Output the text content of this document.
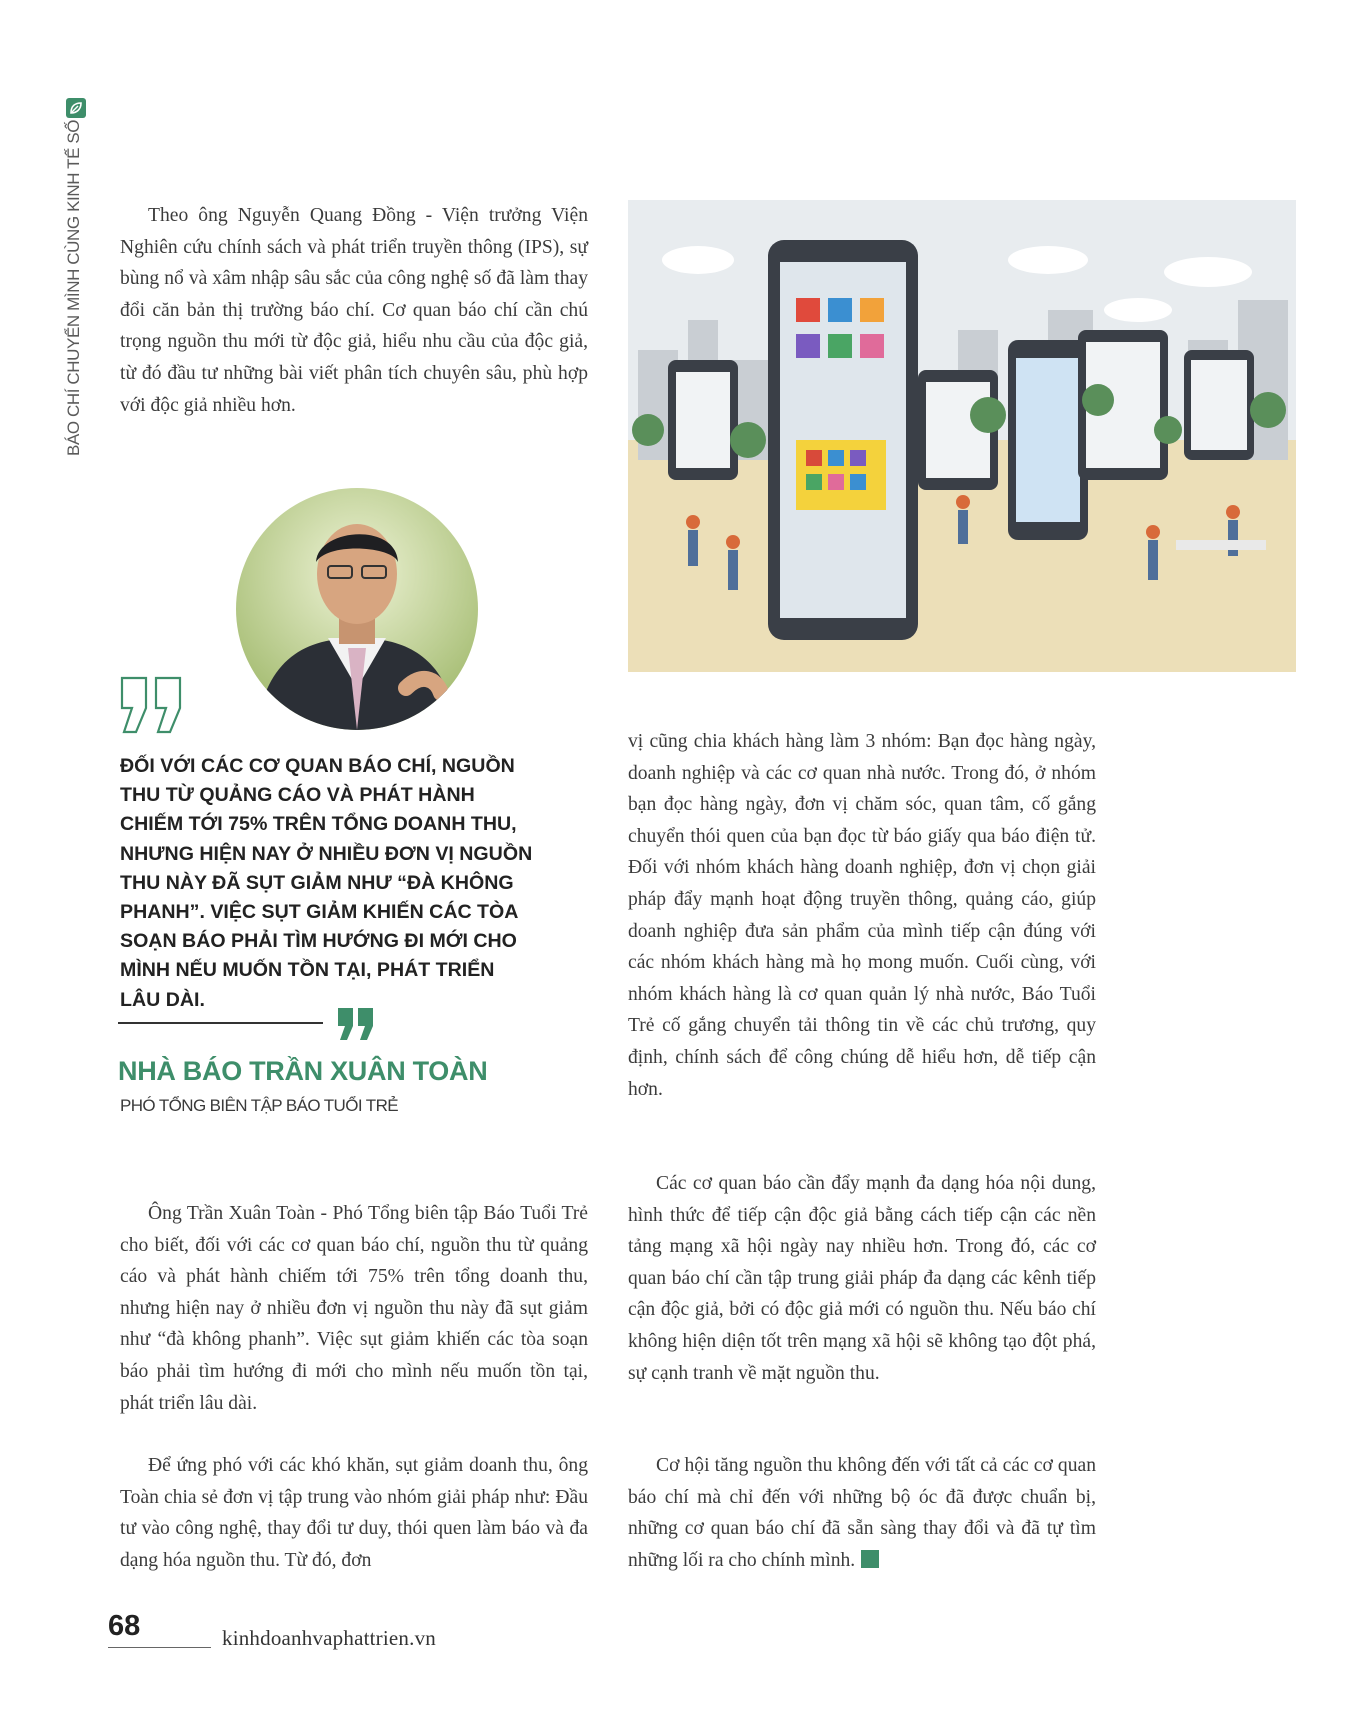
BÁO CHÍ CHUYỂN MÌNH CÙNG KINH TẾ SỐ	Theo ông Nguyễn Quang Đồng - Viện trưởng Viện Nghiên cứu chính sách và phát triển truyền thông (IPS), sự bùng nổ và xâm nhập sâu sắc của công nghệ số đã làm thay đổi căn bản thị trường báo chí. Cơ quan báo chí cần chú trọng nguồn thu mới từ độc giả, hiểu nhu cầu của độc giả, từ đó đầu tư những bài viết phân tích chuyên sâu, phù hợp với độc giả nhiều hơn.

ĐỐI VỚI CÁC CƠ QUAN BÁO CHÍ, NGUỒN THU TỪ QUẢNG CÁO VÀ PHÁT HÀNH CHIẾM TỚI 75% TRÊN TỔNG DOANH THU, NHƯNG HIỆN NAY Ở NHIỀU ĐƠN VỊ NGUỒN THU NÀY ĐÃ SỤT GIẢM NHƯ “ĐÀ KHÔNG PHANH”. VIỆC SỤT GIẢM KHIẾN CÁC TÒA SOẠN BÁO PHẢI TÌM HƯỚNG ĐI MỚI CHO MÌNH NẾU MUỐN TỒN TẠI, PHÁT TRIỂN LÂU DÀI.

NHÀ BÁO TRẦN XUÂN TOÀN
PHÓ TỔNG BIÊN TẬP BÁO TUỔI TRẺ

Ông Trần Xuân Toàn - Phó Tổng biên tập Báo Tuổi Trẻ cho biết, đối với các cơ quan báo chí, nguồn thu từ quảng cáo và phát hành chiếm tới 75% trên tổng doanh thu, nhưng hiện nay ở nhiều đơn vị nguồn thu này đã sụt giảm như “đà không phanh”. Việc sụt giảm khiến các tòa soạn báo phải tìm hướng đi mới cho mình nếu muốn tồn tại, phát triển lâu dài.

Để ứng phó với các khó khăn, sụt giảm doanh thu, ông Toàn chia sẻ đơn vị tập trung vào nhóm giải pháp như: Đầu tư vào công nghệ, thay đổi tư duy, thói quen làm báo và đa dạng hóa nguồn thu. Từ đó, đơn

vị cũng chia khách hàng làm 3 nhóm: Bạn đọc hàng ngày, doanh nghiệp và các cơ quan nhà nước. Trong đó, ở nhóm bạn đọc hàng ngày, đơn vị chăm sóc, quan tâm, cố gắng chuyển thói quen của bạn đọc từ báo giấy qua báo điện tử. Đối với nhóm khách hàng doanh nghiệp, đơn vị chọn giải pháp đẩy mạnh hoạt động truyền thông, quảng cáo, giúp doanh nghiệp đưa sản phẩm của mình tiếp cận đúng với các nhóm khách hàng mà họ mong muốn. Cuối cùng, với nhóm khách hàng là cơ quan quản lý nhà nước, Báo Tuổi Trẻ cố gắng chuyển tải thông tin về các chủ trương, quy định, chính sách để công chúng dễ hiểu hơn, dễ tiếp cận hơn.

Các cơ quan báo cần đẩy mạnh đa dạng hóa nội dung, hình thức để tiếp cận độc giả bằng cách tiếp cận các nền tảng mạng xã hội ngày nay nhiều hơn. Trong đó, các cơ quan báo chí cần tập trung giải pháp đa dạng các kênh tiếp cận độc giả, bởi có độc giả mới có nguồn thu. Nếu báo chí không hiện diện tốt trên mạng xã hội sẽ không tạo đột phá, sự cạnh tranh về mặt nguồn thu.

Cơ hội tăng nguồn thu không đến với tất cả các cơ quan báo chí mà chỉ đến với những bộ óc đã được chuẩn bị, những cơ quan báo chí đã sẵn sàng thay đổi và đã tự tìm những lối ra cho chính mình.

68	kinhdoanhvaphattrien.vn
